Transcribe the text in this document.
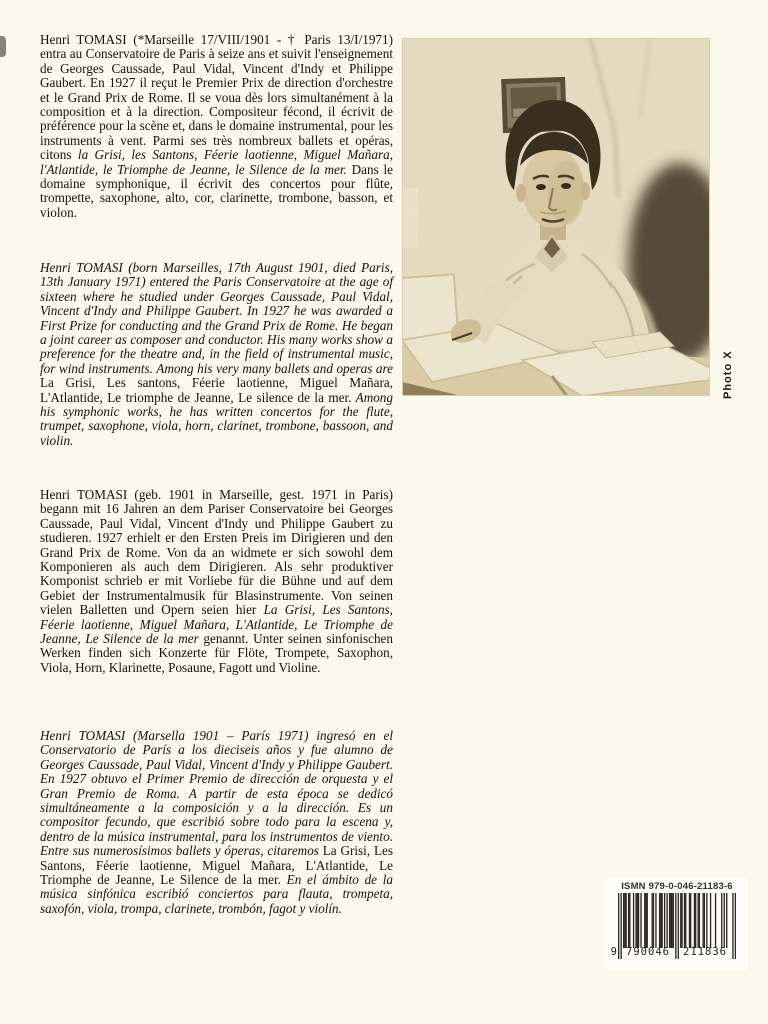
Henri TOMASI (*Marseille 17/VIII/1901 - † Paris 13/I/1971) entra au Conservatoire de Paris à seize ans et suivit l'enseignement de Georges Caussade, Paul Vidal, Vincent d'Indy et Philippe Gaubert. En 1927 il reçut le Premier Prix de direction d'orchestre et le Grand Prix de Rome. Il se voua dès lors simultanément à la composition et à la direction. Compositeur fécond, il écrivit de préférence pour la scène et, dans le domaine instrumental, pour les instruments à vent. Parmi ses très nombreux ballets et opéras, citons la Grisi, les Santons, Féerie laotienne, Miguel Mañara, l'Atlantide, le Triomphe de Jeanne, le Silence de la mer. Dans le domaine symphonique, il écrivit des concertos pour flûte, trompette, saxophone, alto, cor, clarinette, trombone, basson, et violon.

Henri TOMASI (born Marseilles, 17th August 1901, died Paris, 13th January 1971) entered the Paris Conservatoire at the age of sixteen where he studied under Georges Caussade, Paul Vidal, Vincent d'Indy and Philippe Gaubert. In 1927 he was awarded a First Prize for conducting and the Grand Prix de Rome. He began a joint career as composer and conductor. His many works show a preference for the theatre and, in the field of instrumental music, for wind instruments. Among his very many ballets and operas are La Grisi, Les santons, Féerie laotienne, Miguel Mañara, L'Atlantide, Le triomphe de Jeanne, Le silence de la mer. Among his symphonic works, he has written concertos for the flute, trumpet, saxophone, viola, horn, clarinet, trombone, bassoon, and violin.

Henri TOMASI (geb. 1901 in Marseille, gest. 1971 in Paris) begann mit 16 Jahren an dem Pariser Conservatoire bei Georges Caussade, Paul Vidal, Vincent d'Indy und Philippe Gaubert zu studieren. 1927 erhielt er den Ersten Preis im Dirigieren und den Grand Prix de Rome. Von da an widmete er sich sowohl dem Komponieren als auch dem Dirigieren. Als sehr produktiver Komponist schrieb er mit Vorliebe für die Bühne und auf dem Gebiet der Instrumentalmusik für Blasinstrumente. Von seinen vielen Balletten und Opern seien hier La Grisi, Les Santons, Féerie laotienne, Miguel Mañara, L'Atlantide, Le Triomphe de Jeanne, Le Silence de la mer genannt. Unter seinen sinfonischen Werken finden sich Konzerte für Flöte, Trompete, Saxophon, Viola, Horn, Klarinette, Posaune, Fagott und Violine.

Henri TOMASI (Marsella 1901 – París 1971) ingresó en el Conservatorio de París a los dieciseis años y fue alumno de Georges Caussade, Paul Vidal, Vincent d'Indy y Philippe Gaubert. En 1927 obtuvo el Primer Premio de dirección de orquesta y el Gran Premio de Roma. A partir de esta época se dedicó simultáneamente a la composición y a la dirección. Es un compositor fecundo, que escribió sobre todo para la escena y, dentro de la música instrumental, para los instrumentos de viento. Entre sus numerosísimos ballets y óperas, citaremos La Grisi, Les Santons, Féerie laotienne, Miguel Mañara, L'Atlantide, Le Triomphe de Jeanne, Le Silence de la mer. En el ámbito de la música sinfónica escribió conciertos para flauta, trompeta, saxofón, viola, trompa, clarinete, trombón, fagot y violín.

Photo X
ISMN 979-0-046-21183-6
9 790046	211836
